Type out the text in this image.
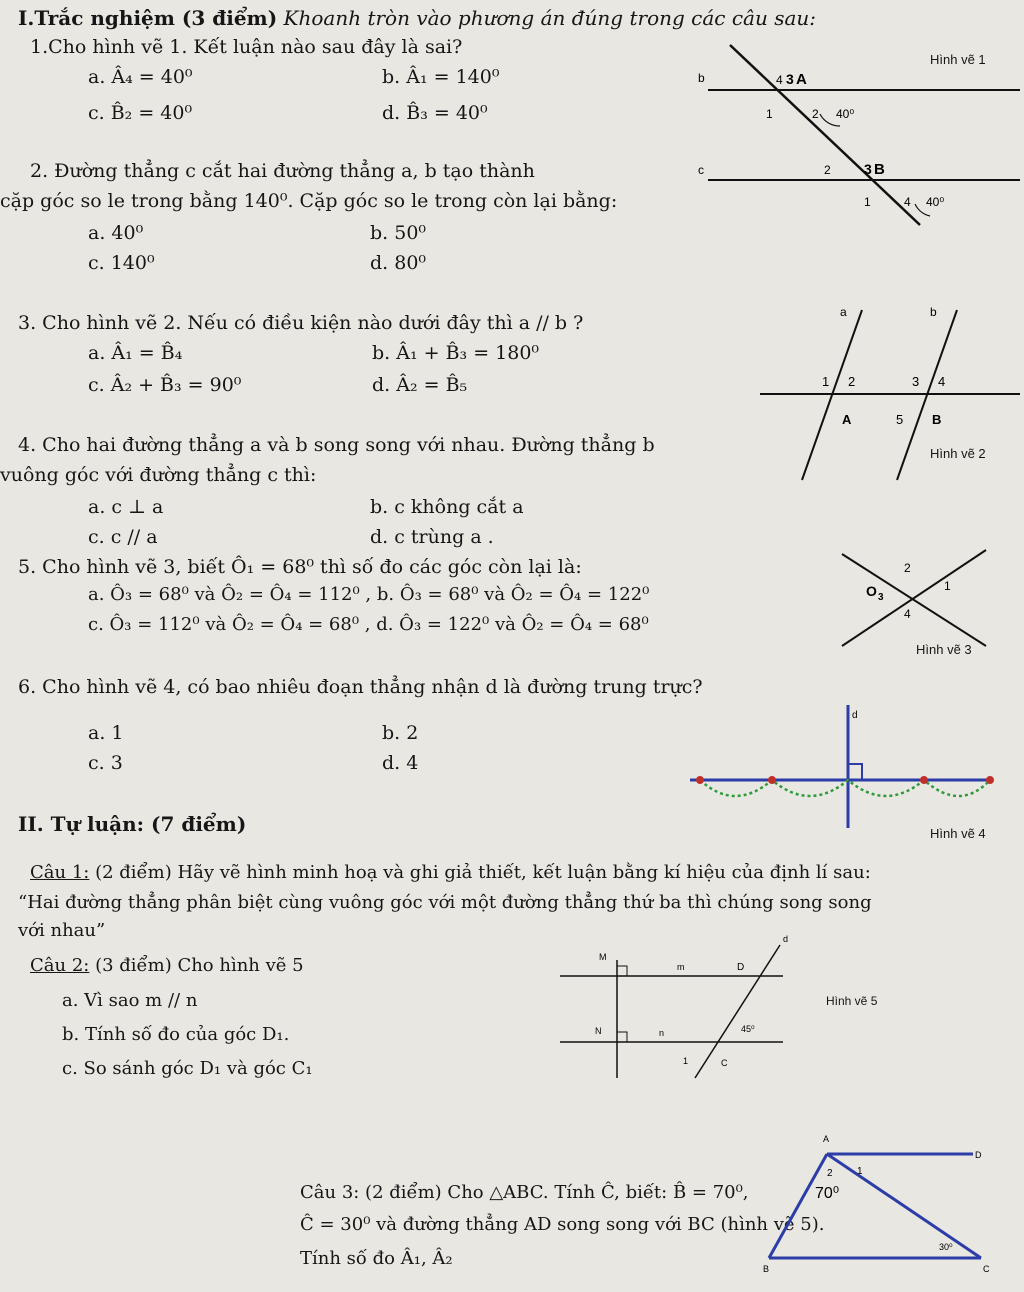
I.Trắc nghiệm (3 điểm) Khoanh tròn vào phương án đúng trong các câu sau:
1.Cho hình vẽ 1. Kết luận nào sau đây là sai?
a. Â₄ = 40⁰	b. Â₁ = 140⁰
c. B̂₂ = 40⁰	d. B̂₃ = 40⁰
2. Đường thẳng c cắt hai đường thẳng a, b tạo thành
cặp góc so le trong bằng 140⁰. Cặp góc so le trong còn lại bằng:
a. 40⁰	b. 50⁰
c. 140⁰	d. 80⁰
3. Cho hình vẽ 2. Nếu có điều kiện nào dưới đây thì a // b ?
a. Â₁ = B̂₄	b. Â₁ + B̂₃ = 180⁰
c. Â₂ + B̂₃ = 90⁰	d. Â₂ = B̂₅
4. Cho hai đường thẳng a và b song song với nhau. Đường thẳng b
vuông góc với đường thẳng c thì:
a. c ⊥ a	b. c không cắt a
c. c // a	d. c trùng a .
5. Cho hình vẽ 3, biết Ô₁ = 68⁰ thì số đo các góc còn lại là:
a. Ô₃ = 68⁰ và Ô₂ = Ô₄ = 112⁰ , b. Ô₃ = 68⁰ và Ô₂ = Ô₄ = 122⁰
c. Ô₃ = 112⁰ và Ô₂ = Ô₄ = 68⁰ , d. Ô₃ = 122⁰ và Ô₂ = Ô₄ = 68⁰
6. Cho hình vẽ 4, có bao nhiêu đoạn thẳng nhận d là đường trung trực?
a. 1	b. 2
c. 3	d. 4
II. Tự luận: (7 điểm)
Câu 1: (2 điểm) Hãy vẽ hình minh hoạ và ghi giả thiết, kết luận bằng kí hiệu của định lí sau:
“Hai đường thẳng phân biệt cùng vuông góc với một đường thẳng thứ ba thì chúng song song
với nhau”
Câu 2: (3 điểm) Cho hình vẽ 5
a. Vì sao m // n
b. Tính số đo của góc D₁.
c. So sánh góc D₁ và góc C₁
Câu 3: (2 điểm) Cho △ABC. Tính Ĉ, biết: B̂ = 70⁰,
Ĉ = 30⁰ và đường thẳng AD song song với BC (hình vẽ 5).
Tính số đo Â₁, Â₂
b
c
4 3 A
1	2 40⁰
2 3 B
1	4 40⁰
Hình vẽ 1
a	b
1 2	3 4
A	5 B
Hình vẽ 2
O 3
2
1
4
Hình vẽ 3
d
Hình vẽ 4
M
m	D
d
N	n	45⁰
1	C
Hình vẽ 5
A
D
2 1
70⁰
30⁰
B	C
